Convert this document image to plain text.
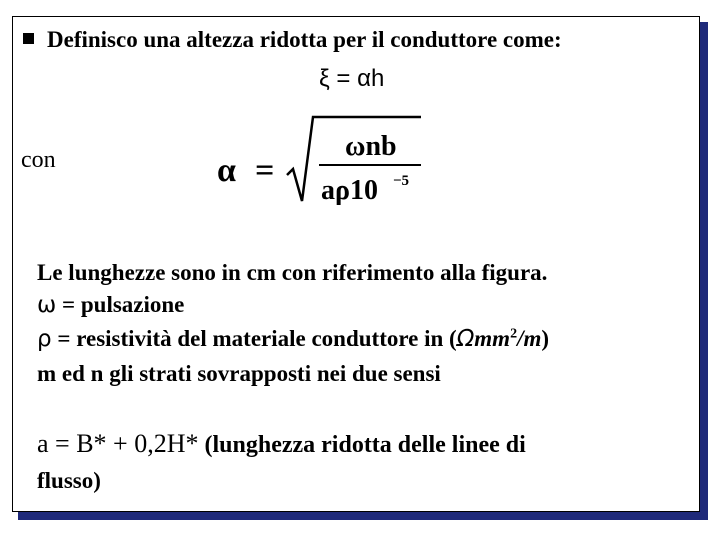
Definisco una altezza ridotta per il conduttore come:
ξ = αh
con	α =
ωnb
aρ10 −5
Le lunghezze sono in cm con riferimento alla figura.
ω = pulsazione
ρ = resistività del materiale conduttore in (Ωmm$^2$/m)
m ed n gli strati sovrapposti nei due sensi
a = B* + 0,2H* (lunghezza ridotta delle linee di
flusso)
